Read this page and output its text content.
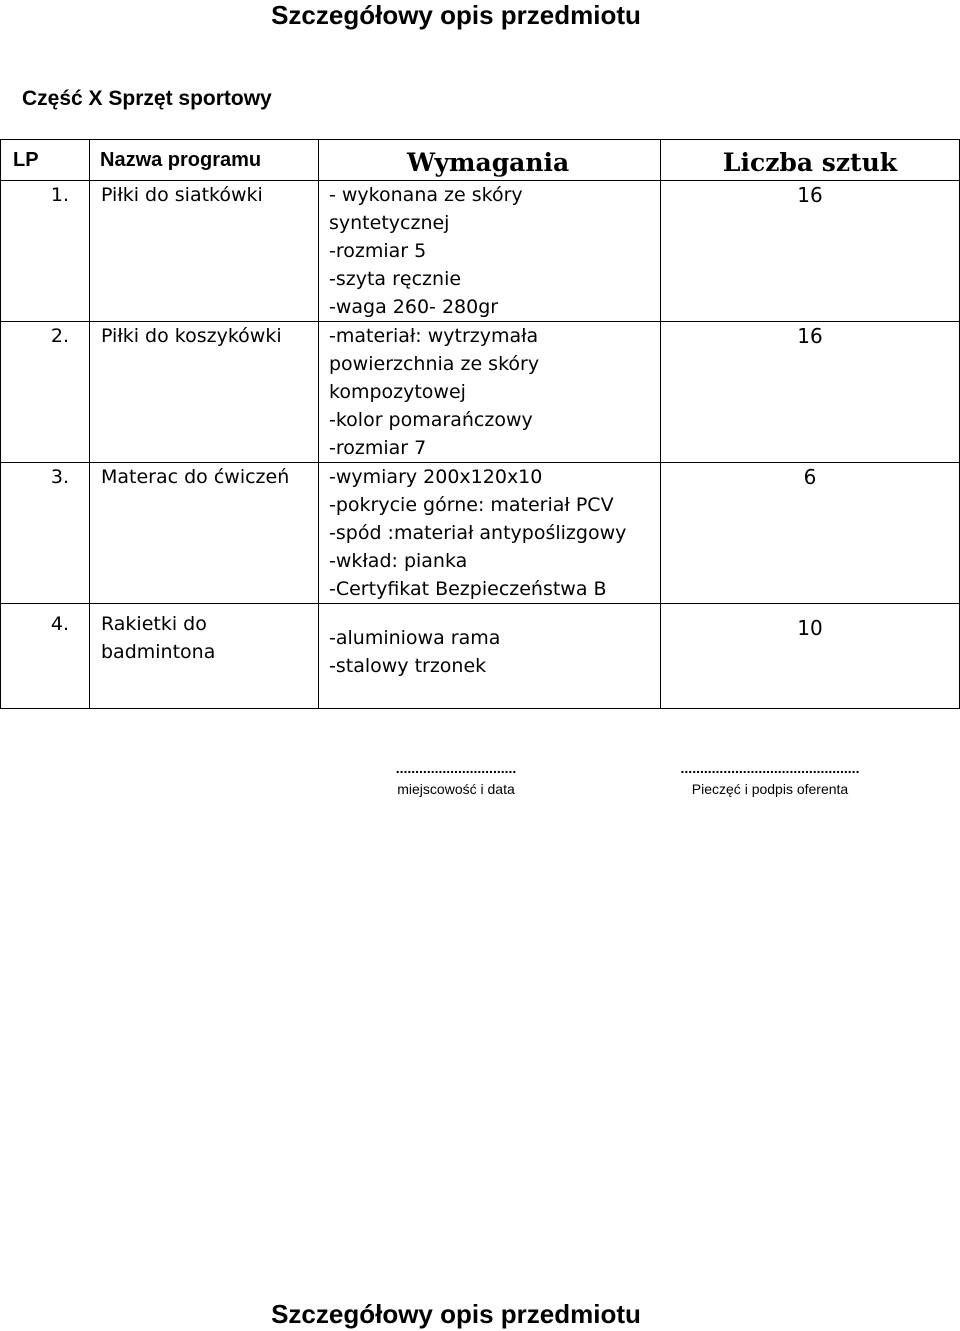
Szczegółowy opis przedmiotu
Część X Sprzęt sportowy
LP	Nazwa programu	Wymagania	Liczba sztuk
1.	Piłki do siatkówki	- wykonana ze skóry
syntetycznej
-rozmiar 5
-szyta ręcznie
-waga 260- 280gr	16
2.	Piłki do koszykówki	-materiał: wytrzymała
powierzchnia ze skóry
kompozytowej
-kolor pomarańczowy
-rozmiar 7	16
3.	Materac do ćwiczeń	-wymiary 200x120x10
-pokrycie górne: materiał PCV
-spód :materiał antypoślizgowy
-wkład: pianka
-Certyfikat Bezpieczeństwa B	6
4.	Rakietki do
badmintona	-aluminiowa rama
-stalowy trzonek	10
...............................
miejscowość i data
..............................................
Pieczęć i podpis oferenta
Szczegółowy opis przedmiotu
